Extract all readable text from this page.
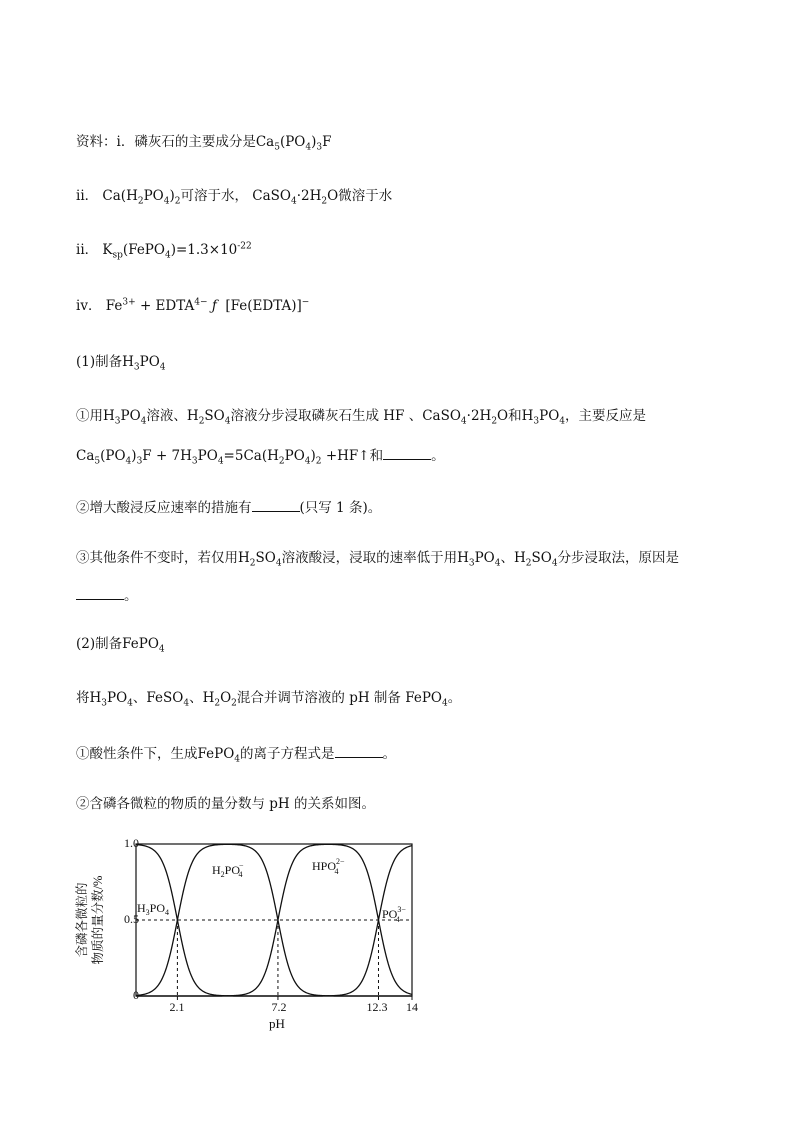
资料：i．磷灰石的主要成分是$Ca_5(PO_4)_3F$
ii． $Ca(H_2PO_4)_2$可溶于水， $CaSO_4\cdot 2H_2O$微溶于水
ii． $K_{sp}(FePO_4)=1.3\times 10^{-22}$
iv． $Fe^{3+}$ + $EDTA^{4-}$ ƒ  [Fe(EDTA)]−
(1)制备$H_3PO_4$
①用$H_3PO_4$溶液、$H_2SO_4$溶液分步浸取磷灰石生成 HF 、$CaSO_4\cdot 2H_2O$和$H_3PO_4$，主要反应是
$Ca_5(PO_4)_3F + 7H_3PO_4=5Ca(H_2PO_4)_2$ +HF↑和	。
②增大酸浸反应速率的措施有	(只写 1 条)。
③其他条件不变时，若仅用$H_2SO_4$溶液酸浸，浸取的速率低于用$H_3PO_4$、$H_2SO_4$分步浸取法，原因是
。
(2)制备FePO$_4$
将$H_3PO_4$、FeSO$_4$、$H_2O_2$混合并调节溶液的 pH 制备 FePO$_4$。
①酸性条件下，生成FePO$_4$的离子方程式是	。
②含磷各微粒的物质的量分数与 pH 的关系如图。
1.0
0.5
0
2.1	7.2	12.3 14
pH
含磷各微粒的 物质的量分数/%	$H_3PO_4$
$H_2PO- 4$
$HPO^{2-}$ 4
$PO^{3-}$ 4
